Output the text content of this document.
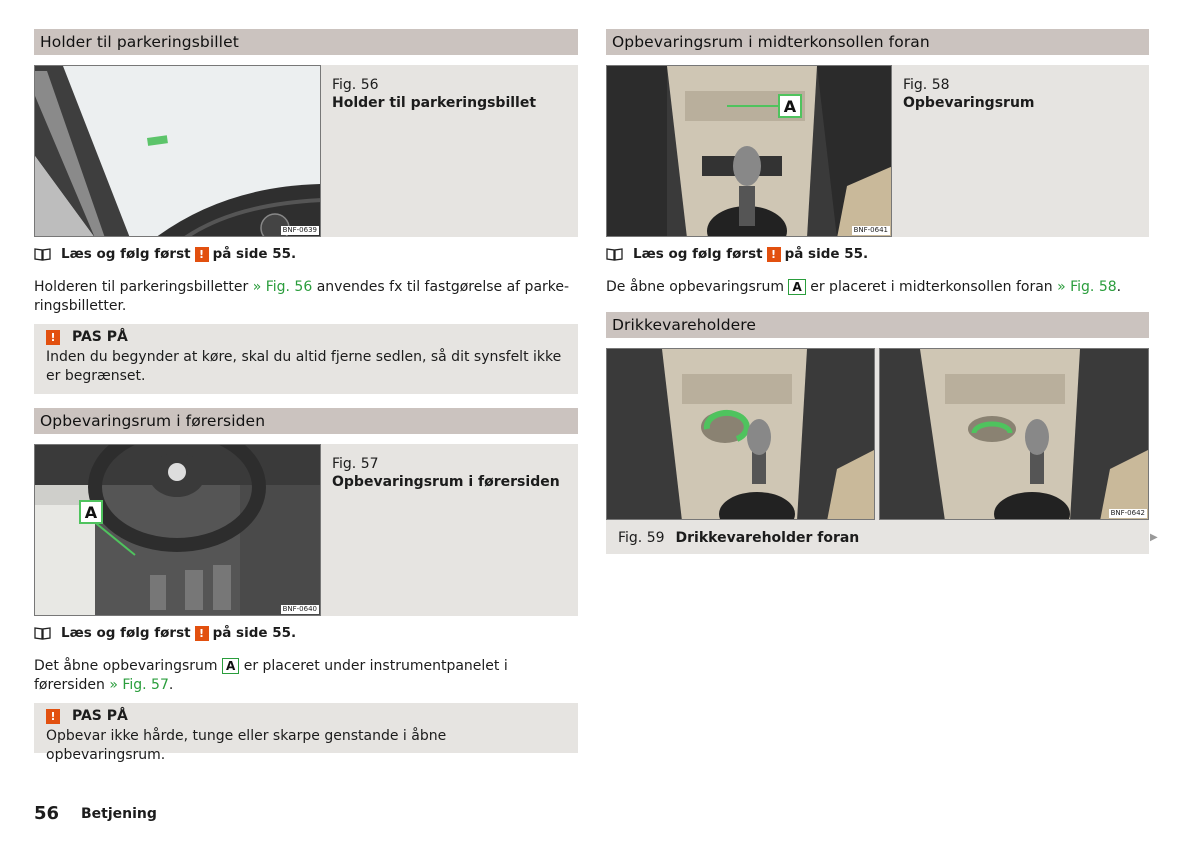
Holder til parkeringsbillet
BNF-0639
Fig. 56
Holder til parkeringsbillet
Læs og følg først ! på side 55.
Holderen til parkeringsbilletter » Fig. 56 anvendes fx til fastgørelse af parke-ringsbilletter.
!	PAS PÅ
Inden du begynder at køre, skal du altid fjerne sedlen, så dit synsfelt ikke er begrænset.
Opbevaringsrum i førersiden
A
BNF-0640
Fig. 57
Opbevaringsrum i førersiden
Læs og følg først ! på side 55.
Det åbne opbevaringsrum A er placeret under instrumentpanelet i førersiden » Fig. 57.
!	PAS PÅ
Opbevar ikke hårde, tunge eller skarpe genstande i åbne opbevaringsrum.
Opbevaringsrum i midterkonsollen foran
A
BNF-0641
Fig. 58
Opbevaringsrum
Læs og følg først ! på side 55.
De åbne opbevaringsrum A er placeret i midterkonsollen foran » Fig. 58.
Drikkevareholdere
BNF-0642
Fig. 59 Drikkevareholder foran	▶
56 Betjening
